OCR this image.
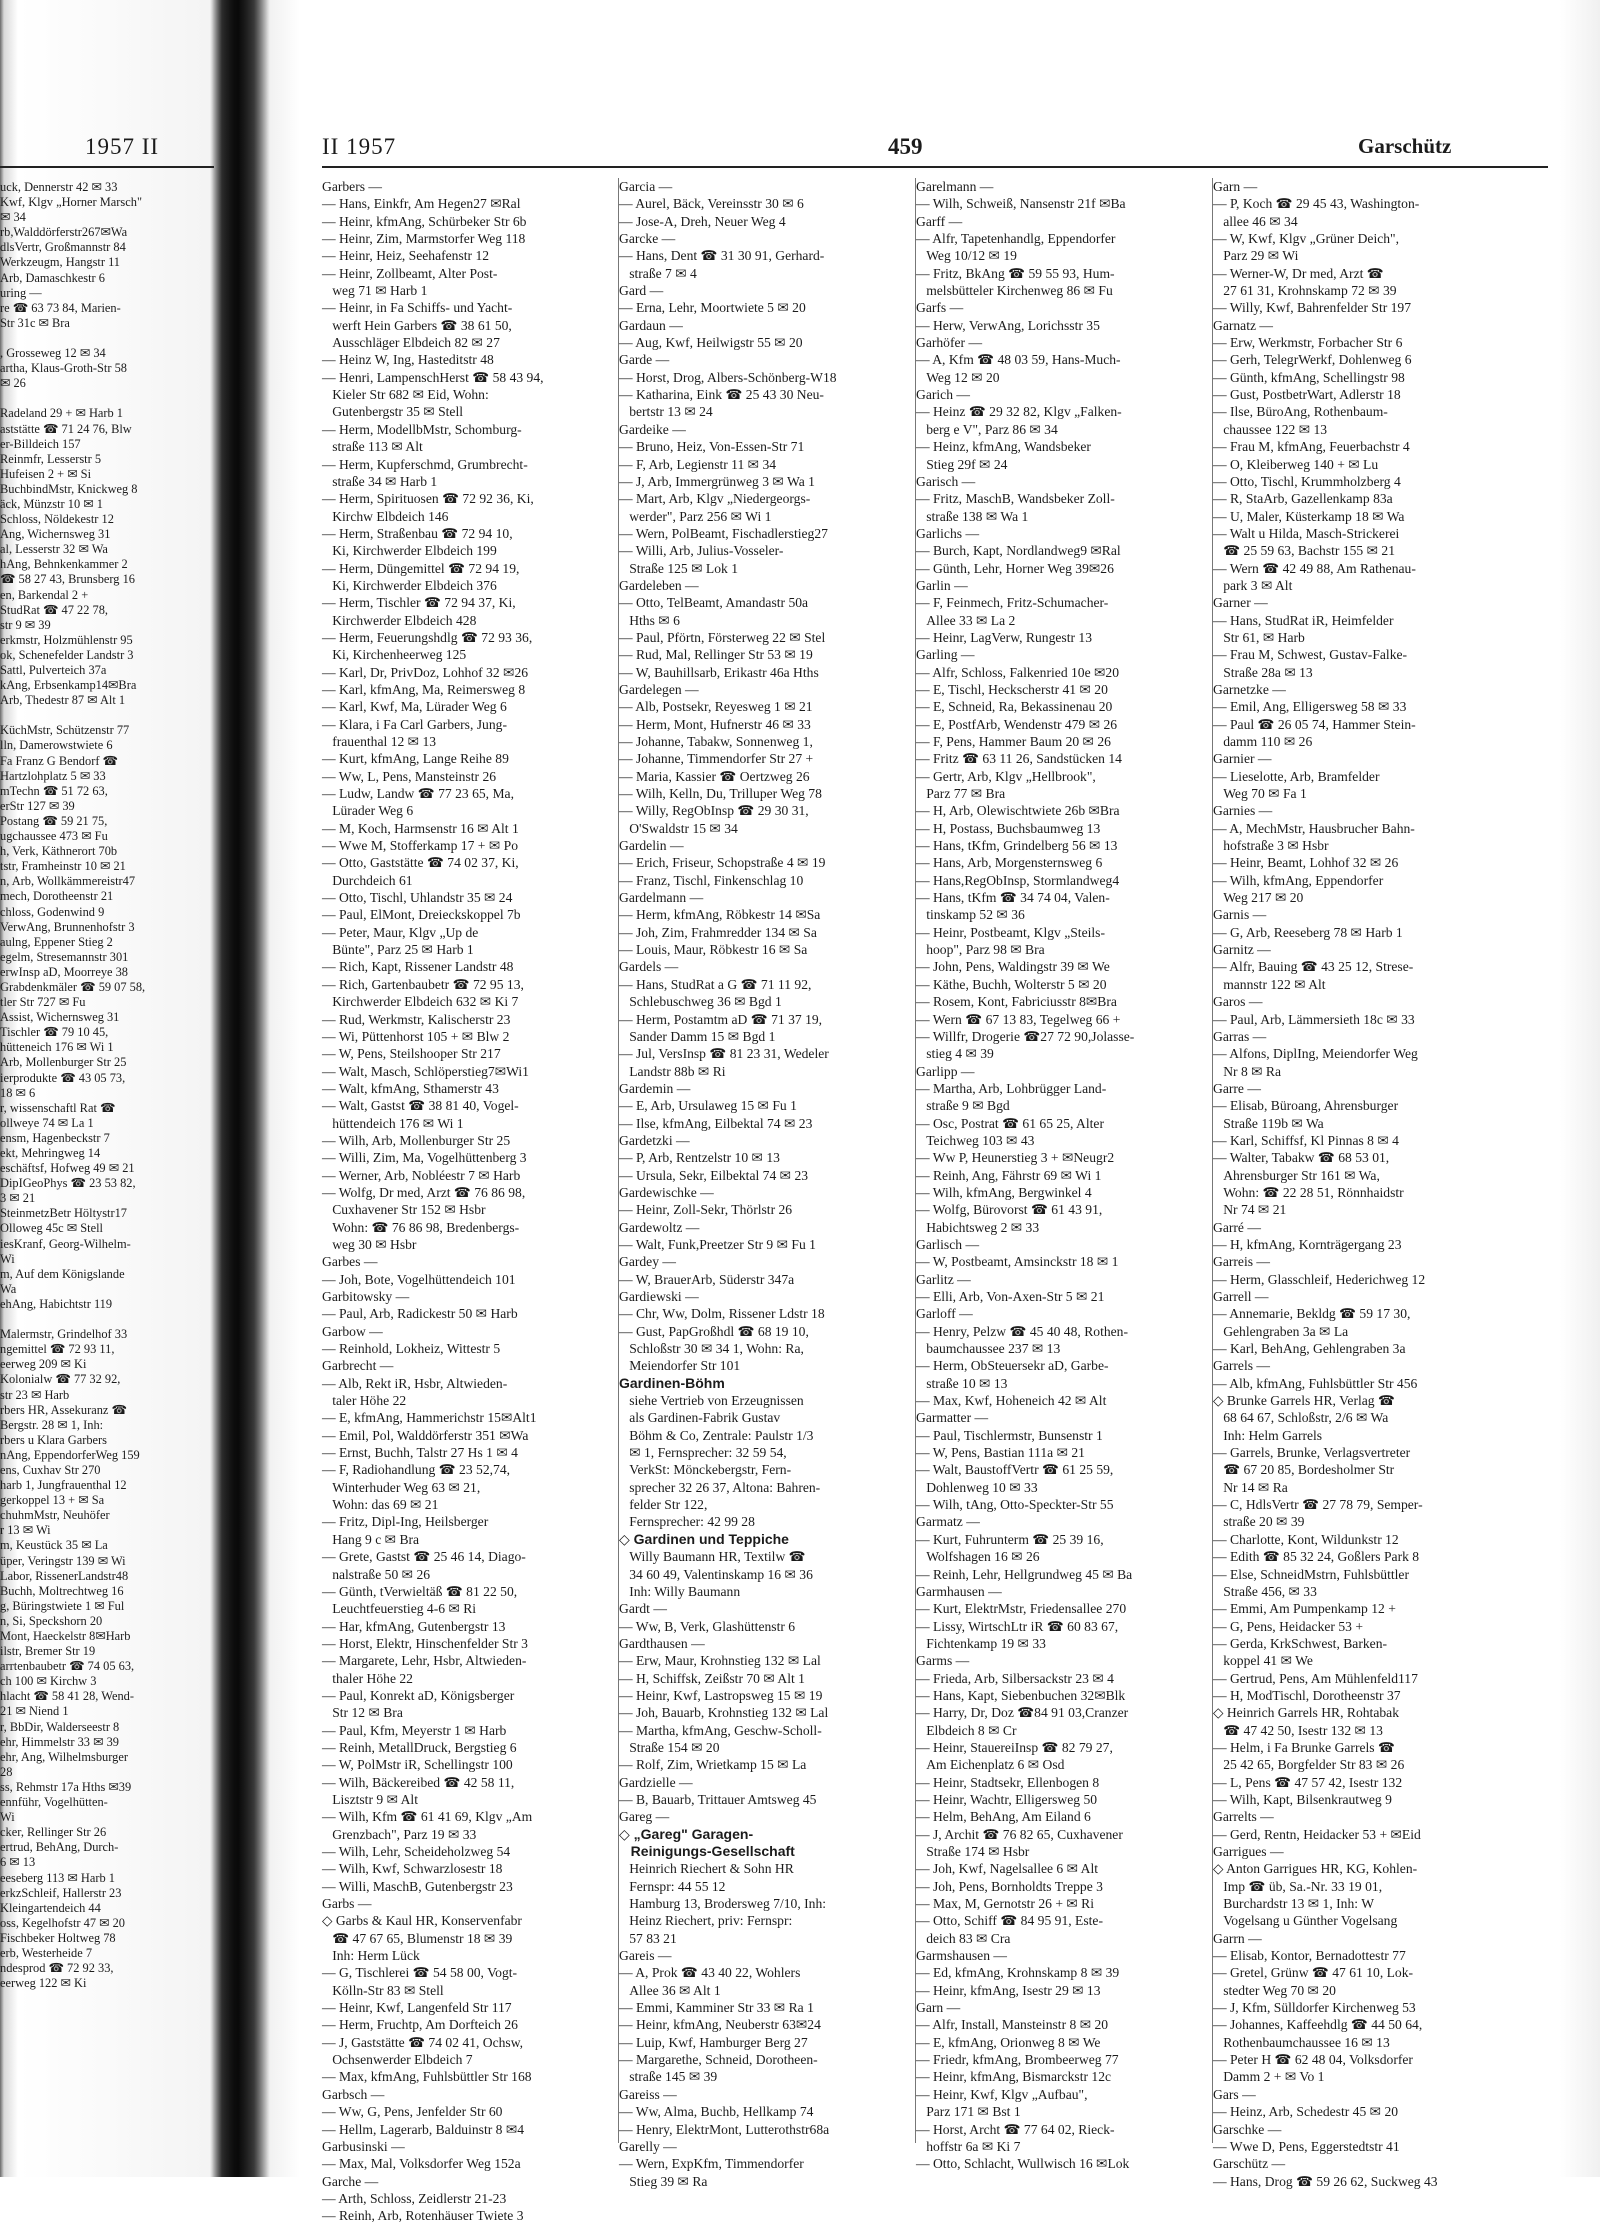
1957 II
uck, Dennerstr 42 ✉ 33
Kwf, Klgv „Horner Marsch"
✉ 34
rb,Walddörferstr267✉Wa
dlsVertr, Großmannstr 84
Werkzeugm, Hangstr 11
Arb, Damaschkestr 6
uring —
re ☎ 63 73 84, Marien-
Str 31c ✉ Bra

, Grosseweg 12 ✉ 34
artha, Klaus-Groth-Str 58
✉ 26

Radeland 29 + ✉ Harb 1
aststätte ☎ 71 24 76, Blw
er-Billdeich 157
Reinmfr, Lesserstr 5
Hufeisen 2 + ✉ Si
BuchbindMstr, Knickweg 8
äck, Münzstr 10 ✉ 1
Schloss, Nöldekestr 12
Ang, Wichernsweg 31
al, Lesserstr 32 ✉ Wa
hAng, Behnkenkammer 2
☎ 58 27 43, Brunsberg 16
en, Barkendal 2 +
StudRat ☎ 47 22 78,
str 9 ✉ 39
erkmstr, Holzmühlenstr 95
ok, Schenefelder Landstr 3
Sattl, Pulverteich 37a
kAng, Erbsenkamp14✉Bra
Arb, Thedestr 87 ✉ Alt 1

KüchMstr, Schützenstr 77
lln, Damerowstwiete 6
Fa Franz G Bendorf ☎
Hartzlohplatz 5 ✉ 33
mTechn ☎ 51 72 63,
erStr 127 ✉ 39
Postang ☎ 59 21 75,
ugchaussee 473 ✉ Fu
h, Verk, Käthnerort 70b
tstr, Framheinstr 10 ✉ 21
n, Arb, Wollkämmereistr47
mech, Dorotheenstr 21
chloss, Godenwind 9
VerwAng, Brunnenhofstr 3
aulng, Eppener Stieg 2
egelm, Stresemannstr 301
erwInsp aD, Moorreye 38
Grabdenkmäler ☎ 59 07 58,
tler Str 727 ✉ Fu
Assist, Wichernsweg 31
Tischler ☎ 79 10 45,
hütteneich 176 ✉ Wi 1
Arb, Mollenburger Str 25
ierprodukte ☎ 43 05 73,
18 ✉ 6
r, wissenschaftl Rat ☎
ollweye 74 ✉ La 1
ensm, Hagenbeckstr 7
ekt, Mehringweg 14
eschäftsf, Hofweg 49 ✉ 21
DipIGeoPhys ☎ 23 53 82,
3 ✉ 21
SteinmetzBetr Höltystr17
Olloweg 45c ✉ Stell
iesKranf, Georg-Wilhelm-
Wi
m, Auf dem Königslande
Wa
ehAng, Habichtstr 119

Malermstr, Grindelhof 33
ngemittel ☎ 72 93 11,
eerweg 209 ✉ Ki
Kolonialw ☎ 77 32 92,
str 23 ✉ Harb
rbers HR, Assekuranz ☎
Bergstr. 28 ✉ 1, Inh:
rbers u Klara Garbers
nAng, EppendorferWeg 159
ens, Cuxhav Str 270
harb 1, Jungfrauenthal 12
gerkoppel 13 + ✉ Sa
chuhmMstr, Neuhöfer
r 13 ✉ Wi
m, Keustück 35 ✉ La
üper, Veringstr 139 ✉ Wi
Labor, RissenerLandstr48
Buchh, Moltrechtweg 16
g, Büringstwiete 1 ✉ Ful
n, Si, Speckshorn 20
Mont, Haeckelstr 8✉Harb
ilstr, Bremer Str 19
arrtenbaubetr ☎ 74 05 63,
ch 100 ✉ Kirchw 3
hlacht ☎ 58 41 28, Wend-
21 ✉ Niend 1
r, BbDir, Walderseestr 8
ehr, Himmelstr 33 ✉ 39
ehr, Ang, Wilhelmsburger
28
ss, Rehmstr 17a Hths ✉39
ennführ, Vogelhütten-
Wi
cker, Rellinger Str 26
ertrud, BehAng, Durch-
6 ✉ 13
eeseberg 113 ✉ Harb 1
erkzSchleif, Hallerstr 23
Kleingartendeich 44
oss, Kegelhofstr 47 ✉ 20
Fischbeker Holtweg 78
erb, Westerheide 7
ndesprod ☎ 72 92 33,
eerweg 122 ✉ Ki
II 1957	459	Garschütz
Garbers —
— Hans, Einkfr, Am Hegen27 ✉Ral
— Heinr, kfmAng, Schürbeker Str 6b
— Heinr, Zim, Marmstorfer Weg 118
— Heinr, Heiz, Seehafenstr 12
— Heinr, Zollbeamt, Alter Post-
weg 71 ✉ Harb 1
— Heinr, in Fa Schiffs- und Yacht-
werft Hein Garbers ☎ 38 61 50,
Ausschläger Elbdeich 82 ✉ 27
— Heinz W, Ing, Hasteditstr 48
— Henri, LampenschHerst ☎ 58 43 94,
Kieler Str 682 ✉ Eid, Wohn:
Gutenbergstr 35 ✉ Stell
— Herm, ModellbMstr, Schomburg-
straße 113 ✉ Alt
— Herm, Kupferschmd, Grumbrecht-
straße 34 ✉ Harb 1
— Herm, Spirituosen ☎ 72 92 36, Ki,
Kirchw Elbdeich 146
— Herm, Straßenbau ☎ 72 94 10,
Ki, Kirchwerder Elbdeich 199
— Herm, Düngemittel ☎ 72 94 19,
Ki, Kirchwerder Elbdeich 376
— Herm, Tischler ☎ 72 94 37, Ki,
Kirchwerder Elbdeich 428
— Herm, Feuerungshdlg ☎ 72 93 36,
Ki, Kirchenheerweg 125
— Karl, Dr, PrivDoz, Lohhof 32 ✉26
— Karl, kfmAng, Ma, Reimersweg 8
— Karl, Kwf, Ma, Lürader Weg 6
— Klara, i Fa Carl Garbers, Jung-
frauenthal 12 ✉ 13
— Kurt, kfmAng, Lange Reihe 89
— Ww, L, Pens, Mansteinstr 26
— Ludw, Landw ☎ 77 23 65, Ma,
Lürader Weg 6
— M, Koch, Harmsenstr 16 ✉ Alt 1
— Wwe M, Stofferkamp 17 + ✉ Po
— Otto, Gaststätte ☎ 74 02 37, Ki,
Durchdeich 61
— Otto, Tischl, Uhlandstr 35 ✉ 24
— Paul, ElMont, Dreieckskoppel 7b
— Peter, Maur, Klgv „Up de
Bünte", Parz 25 ✉ Harb 1
— Rich, Kapt, Rissener Landstr 48
— Rich, Gartenbaubetr ☎ 72 95 13,
Kirchwerder Elbdeich 632 ✉ Ki 7
— Rud, Werkmstr, Kalischerstr 23
— Wi, Püttenhorst 105 + ✉ Blw 2
— W, Pens, Steilshooper Str 217
— Walt, Masch, Schlöperstieg7✉Wi1
— Walt, kfmAng, Sthamerstr 43
— Walt, Gastst ☎ 38 81 40, Vogel-
hüttendeich 176 ✉ Wi 1
— Wilh, Arb, Mollenburger Str 25
— Willi, Zim, Ma, Vogelhüttenberg 3
— Werner, Arb, Nobléestr 7 ✉ Harb
— Wolfg, Dr med, Arzt ☎ 76 86 98,
Cuxhavener Str 152 ✉ Hsbr
Wohn: ☎ 76 86 98, Bredenbergs-
weg 30 ✉ Hsbr
Garbes —
— Joh, Bote, Vogelhüttendeich 101
Garbitowsky —
— Paul, Arb, Radickestr 50 ✉ Harb
Garbow —
— Reinhold, Lokheiz, Wittestr 5
Garbrecht —
— Alb, Rekt iR, Hsbr, Altwieden-
taler Höhe 22
— E, kfmAng, Hammerichstr 15✉Alt1
— Emil, Pol, Walddörferstr 351 ✉Wa
— Ernst, Buchh, Talstr 27 Hs 1 ✉ 4
— F, Radiohandlung ☎ 23 52,74,
Winterhuder Weg 63 ✉ 21,
Wohn: das 69 ✉ 21
— Fritz, Dipl-Ing, Heilsberger
Hang 9 c ✉ Bra
— Grete, Gastst ☎ 25 46 14, Diago-
nalstraße 50 ✉ 26
— Günth, tVerwieltäß ☎ 81 22 50,
Leuchtfeuerstieg 4-6 ✉ Ri
— Har, kfmAng, Gutenbergstr 13
— Horst, Elektr, Hinschenfelder Str 3
— Margarete, Lehr, Hsbr, Altwieden-
thaler Höhe 22
— Paul, Konrekt aD, Königsberger
Str 12 ✉ Bra
— Paul, Kfm, Meyerstr 1 ✉ Harb
— Reinh, MetallDruck, Bergstieg 6
— W, PolMstr iR, Schellingstr 100
— Wilh, Bäckereibed ☎ 42 58 11,
Lisztstr 9 ✉ Alt
— Wilh, Kfm ☎ 61 41 69, Klgv „Am
Grenzbach", Parz 19 ✉ 33
— Wilh, Lehr, Scheideholzweg 54
— Wilh, Kwf, Schwarzlosestr 18
— Willi, MaschB, Gutenbergstr 23
Garbs —
◇ Garbs & Kaul HR, Konservenfabr
☎ 47 67 65, Blumenstr 18 ✉ 39
Inh: Herm Lück
— G, Tischlerei ☎ 54 58 00, Vogt-
Kölln-Str 83 ✉ Stell
— Heinr, Kwf, Langenfeld Str 117
— Herm, Fruchtp, Am Dorfteich 26
— J, Gaststätte ☎ 74 02 41, Ochsw,
Ochsenwerder Elbdeich 7
— Max, kfmAng, Fuhlsbüttler Str 168
Garbsch —
— Ww, G, Pens, Jenfelder Str 60
— Hellm, Lagerarb, Balduinstr 8 ✉4
Garbusinski —
— Max, Mal, Volksdorfer Weg 152a
Garche —
— Arth, Schloss, Zeidlerstr 21-23
— Reinh, Arb, Rotenhäuser Twiete 3
Garcia —
— Aurel, Bäck, Vereinsstr 30 ✉ 6
— Jose-A, Dreh, Neuer Weg 4
Garcke —
— Hans, Dent ☎ 31 30 91, Gerhard-
straße 7 ✉ 4
Gard —
— Erna, Lehr, Moortwiete 5 ✉ 20
Gardaun —
— Aug, Kwf, Heilwigstr 55 ✉ 20
Garde —
— Horst, Drog, Albers-Schönberg-W18
— Katharina, Eink ☎ 25 43 30 Neu-
bertstr 13 ✉ 24
Gardeike —
— Bruno, Heiz, Von-Essen-Str 71
— F, Arb, Legienstr 11 ✉ 34
— J, Arb, Immergrünweg 3 ✉ Wa 1
— Mart, Arb, Klgv „Niedergeorgs-
werder", Parz 256 ✉ Wi 1
— Wern, PolBeamt, Fischadlerstieg27
— Willi, Arb, Julius-Vosseler-
Straße 125 ✉ Lok 1
Gardeleben —
— Otto, TelBeamt, Amandastr 50a
Hths ✉ 6
— Paul, Pförtn, Försterweg 22 ✉ Stel
— Rud, Mal, Rellinger Str 53 ✉ 19
— W, Bauhillsarb, Erikastr 46a Hths
Gardelegen —
— Alb, Postsekr, Reyesweg 1 ✉ 21
— Herm, Mont, Hufnerstr 46 ✉ 33
— Johanne, Tabakw, Sonnenweg 1,
— Johanne, Timmendorfer Str 27 +
— Maria, Kassier ☎ Oertzweg 26
— Wilh, Kelln, Du, Trilluper Weg 78
— Willy, RegObInsp ☎ 29 30 31,
O'Swaldstr 15 ✉ 34
Gardelin —
— Erich, Friseur, Schopstraße 4 ✉ 19
— Franz, Tischl, Finkenschlag 10
Gardelmann —
— Herm, kfmAng, Röbkestr 14 ✉Sa
— Joh, Zim, Frahmredder 134 ✉ Sa
— Louis, Maur, Röbkestr 16 ✉ Sa
Gardels —
— Hans, StudRat a G ☎ 71 11 92,
Schlebuschweg 36 ✉ Bgd 1
— Herm, Postamtm aD ☎ 71 37 19,
Sander Damm 15 ✉ Bgd 1
— Jul, VersInsp ☎ 81 23 31, Wedeler
Landstr 88b ✉ Ri
Gardemin —
— E, Arb, Ursulaweg 15 ✉ Fu 1
— Ilse, kfmAng, Eilbektal 74 ✉ 23
Gardetzki —
— P, Arb, Rentzelstr 10 ✉ 13
— Ursula, Sekr, Eilbektal 74 ✉ 23
Gardewischke —
— Heinr, Zoll-Sekr, Thörlstr 26
Gardewoltz —
— Walt, Funk,Preetzer Str 9 ✉ Fu 1
Gardey —
— W, BrauerArb, Süderstr 347a
Gardiewski —
— Chr, Ww, Dolm, Rissener Ldstr 18
— Gust, PapGroßhdl ☎ 68 19 10,
Schloßstr 30 ✉ 34 1, Wohn: Ra,
Meiendorfer Str 101
Gardinen-Böhm
siehe Vertrieb von Erzeugnissen
als Gardinen-Fabrik Gustav
Böhm & Co, Zentrale: Paulstr 1/3
✉ 1, Fernsprecher: 32 59 54,
VerkSt: Mönckebergstr, Fern-
sprecher 32 26 37, Altona: Bahren-
felder Str 122,
Fernsprecher: 42 99 28
◇ Gardinen und Teppiche
Willy Baumann HR, Textilw ☎
34 60 49, Valentinskamp 16 ✉ 36
Inh: Willy Baumann
Gardt —
— Ww, B, Verk, Glashüttenstr 6
Gardthausen —
— Erw, Maur, Krohnstieg 132 ✉ Lal
— H, Schiffsk, Zeißstr 70 ✉ Alt 1
— Heinr, Kwf, Lastropsweg 15 ✉ 19
— Joh, Bauarb, Krohnstieg 132 ✉ Lal
— Martha, kfmAng, Geschw-Scholl-
Straße 154 ✉ 20
— Rolf, Zim, Wrietkamp 15 ✉ La
Gardzielle —
— B, Bauarb, Trittauer Amtsweg 45
Gareg —
◇ „Gareg" Garagen-
Reinigungs-Gesellschaft
Heinrich Riechert & Sohn HR
Fernspr: 44 55 12
Hamburg 13, Brodersweg 7/10, Inh:
Heinz Riechert, priv: Fernspr:
57 83 21
Gareis —
— A, Prok ☎ 43 40 22, Wohlers
Allee 36 ✉ Alt 1
— Emmi, Kamminer Str 33 ✉ Ra 1
— Heinr, kfmAng, Neuberstr 63✉24
— Luip, Kwf, Hamburger Berg 27
— Margarethe, Schneid, Dorotheen-
straße 145 ✉ 39
Gareiss —
— Ww, Alma, Buchb, Hellkamp 74
— Henry, ElektrMont, Lutterothstr68a
Garelly —
— Wern, ExpKfm, Timmendorfer
Stieg 39 ✉ Ra
Garelmann —
— Wilh, Schweiß, Nansenstr 21f ✉Ba
Garff —
— Alfr, Tapetenhandlg, Eppendorfer
Weg 10/12 ✉ 19
— Fritz, BkAng ☎ 59 55 93, Hum-
melsbütteler Kirchenweg 86 ✉ Fu
Garfs —
— Herw, VerwAng, Lorichsstr 35
Garhöfer —
— A, Kfm ☎ 48 03 59, Hans-Much-
Weg 12 ✉ 20
Garich —
— Heinz ☎ 29 32 82, Klgv „Falken-
berg e V", Parz 86 ✉ 34
— Heinz, kfmAng, Wandsbeker
Stieg 29f ✉ 24
Garisch —
— Fritz, MaschB, Wandsbeker Zoll-
straße 138 ✉ Wa 1
Garlichs —
— Burch, Kapt, Nordlandweg9 ✉Ral
— Günth, Lehr, Horner Weg 39✉26
Garlin —
— F, Feinmech, Fritz-Schumacher-
Allee 33 ✉ La 2
— Heinr, LagVerw, Rungestr 13
Garling —
— Alfr, Schloss, Falkenried 10e ✉20
— E, Tischl, Heckscherstr 41 ✉ 20
— E, Schneid, Ra, Bekassinenau 20
— E, PostfArb, Wendenstr 479 ✉ 26
— F, Pens, Hammer Baum 20 ✉ 26
— Fritz ☎ 63 11 26, Sandstücken 14
— Gertr, Arb, Klgv „Hellbrook",
Parz 77 ✉ Bra
— H, Arb, Olewischtwiete 26b ✉Bra
— H, Postass, Buchsbaumweg 13
— Hans, tKfm, Grindelberg 56 ✉ 13
— Hans, Arb, Morgensternsweg 6
— Hans,RegObInsp, Stormlandweg4
— Hans, tKfm ☎ 34 74 04, Valen-
tinskamp 52 ✉ 36
— Heinr, Postbeamt, Klgv „Steils-
hoop", Parz 98 ✉ Bra
— John, Pens, Waldingstr 39 ✉ We
— Käthe, Buchh, Wolterstr 5 ✉ 20
— Rosem, Kont, Fabriciusstr 8✉Bra
— Wern ☎ 67 13 83, Tegelweg 66 +
— Willfr, Drogerie ☎27 72 90,Jolasse-
stieg 4 ✉ 39
Garlipp —
— Martha, Arb, Lohbrügger Land-
straße 9 ✉ Bgd
— Osc, Postrat ☎ 61 65 25, Alter
Teichweg 103 ✉ 43
— Ww P, Heunerstieg 3 + ✉Neugr2
— Reinh, Ang, Fährstr 69 ✉ Wi 1
— Wilh, kfmAng, Bergwinkel 4
— Wolfg, Bürovorst ☎ 61 43 91,
Habichtsweg 2 ✉ 33
Garlisch —
— W, Postbeamt, Amsinckstr 18 ✉ 1
Garlitz —
— Elli, Arb, Von-Axen-Str 5 ✉ 21
Garloff —
— Henry, Pelzw ☎ 45 40 48, Rothen-
baumchaussee 237 ✉ 13
— Herm, ObSteuersekr aD, Garbe-
straße 10 ✉ 13
— Max, Kwf, Hoheneich 42 ✉ Alt
Garmatter —
— Paul, Tischlermstr, Bunsenstr 1
— W, Pens, Bastian 111a ✉ 21
— Walt, BaustoffVertr ☎ 61 25 59,
Dohlenweg 10 ✉ 33
— Wilh, tAng, Otto-Speckter-Str 55
Garmatz —
— Kurt, Fuhrunterm ☎ 25 39 16,
Wolfshagen 16 ✉ 26
— Reinh, Lehr, Hellgrundweg 45 ✉ Ba
Garmhausen —
— Kurt, ElektrMstr, Friedensallee 270
— Lissy, WirtschLtr iR ☎ 60 83 67,
Fichtenkamp 19 ✉ 33
Garms —
— Frieda, Arb, Silbersackstr 23 ✉ 4
— Hans, Kapt, Siebenbuchen 32✉Blk
— Harry, Dr, Doz ☎84 91 03,Cranzer
Elbdeich 8 ✉ Cr
— Heinr, StauereiInsp ☎ 82 79 27,
Am Eichenplatz 6 ✉ Osd
— Heinr, Stadtsekr, Ellenbogen 8
— Heinr, Wachtr, Elligersweg 50
— Helm, BehAng, Am Eiland 6
— J, Archit ☎ 76 82 65, Cuxhavener
Straße 174 ✉ Hsbr
— Joh, Kwf, Nagelsallee 6 ✉ Alt
— Joh, Pens, Bornholdts Treppe 3
— Max, M, Gernotstr 26 + ✉ Ri
— Otto, Schiff ☎ 84 95 91, Este-
deich 83 ✉ Cra
Garmshausen —
— Ed, kfmAng, Krohnskamp 8 ✉ 39
— Heinr, kfmAng, Isestr 29 ✉ 13
Garn —
— Alfr, Install, Mansteinstr 8 ✉ 20
— E, kfmAng, Orionweg 8 ✉ We
— Friedr, kfmAng, Brombeerweg 77
— Heinr, kfmAng, Bismarckstr 12c
— Heinr, Kwf, Klgv „Aufbau",
Parz 171 ✉ Bst 1
— Horst, Archt ☎ 77 64 02, Rieck-
hoffstr 6a ✉ Ki 7
— Otto, Schlacht, Wullwisch 16 ✉Lok
Garn —
— P, Koch ☎ 29 45 43, Washington-
allee 46 ✉ 34
— W, Kwf, Klgv „Grüner Deich",
Parz 29 ✉ Wi
— Werner-W, Dr med, Arzt ☎
27 61 31, Krohnskamp 72 ✉ 39
— Willy, Kwf, Bahrenfelder Str 197
Garnatz —
— Erw, Werkmstr, Forbacher Str 6
— Gerh, TelegrWerkf, Dohlenweg 6
— Günth, kfmAng, Schellingstr 98
— Gust, PostbetrWart, Adlerstr 18
— Ilse, BüroAng, Rothenbaum-
chaussee 122 ✉ 13
— Frau M, kfmAng, Feuerbachstr 4
— O, Kleiberweg 140 + ✉ Lu
— Otto, Tischl, Krummholzberg 4
— R, StaArb, Gazellenkamp 83a
— U, Maler, Küsterkamp 18 ✉ Wa
— Walt u Hilda, Masch-Strickerei
☎ 25 59 63, Bachstr 155 ✉ 21
— Wern ☎ 42 49 88, Am Rathenau-
park 3 ✉ Alt
Garner —
— Hans, StudRat iR, Heimfelder
Str 61, ✉ Harb
— Frau M, Schwest, Gustav-Falke-
Straße 28a ✉ 13
Garnetzke —
— Emil, Ang, Elligersweg 58 ✉ 33
— Paul ☎ 26 05 74, Hammer Stein-
damm 110 ✉ 26
Garnier —
— Lieselotte, Arb, Bramfelder
Weg 70 ✉ Fa 1
Garnies —
— A, MechMstr, Hausbrucher Bahn-
hofstraße 3 ✉ Hsbr
— Heinr, Beamt, Lohhof 32 ✉ 26
— Wilh, kfmAng, Eppendorfer
Weg 217 ✉ 20
Garnis —
— G, Arb, Reeseberg 78 ✉ Harb 1
Garnitz —
— Alfr, Bauing ☎ 43 25 12, Strese-
mannstr 122 ✉ Alt
Garos —
— Paul, Arb, Lämmersieth 18c ✉ 33
Garras —
— Alfons, DiplIng, Meiendorfer Weg
Nr 8 ✉ Ra
Garre —
— Elisab, Büroang, Ahrensburger
Straße 119b ✉ Wa
— Karl, Schiffsf, Kl Pinnas 8 ✉ 4
— Walter, Tabakw ☎ 68 53 01,
Ahrensburger Str 161 ✉ Wa,
Wohn: ☎ 22 28 51, Rönnhaidstr
Nr 74 ✉ 21
Garré —
— H, kfmAng, Kornträgergang 23
Garreis —
— Herm, Glasschleif, Hederichweg 12
Garrell —
— Annemarie, Bekldg ☎ 59 17 30,
Gehlengraben 3a ✉ La
— Karl, BehAng, Gehlengraben 3a
Garrels —
— Alb, kfmAng, Fuhlsbüttler Str 456
◇ Brunke Garrels HR, Verlag ☎
68 64 67, Schloßstr, 2/6 ✉ Wa
Inh: Helm Garrels
— Garrels, Brunke, Verlagsvertreter
☎ 67 20 85, Bordesholmer Str
Nr 14 ✉ Ra
— C, HdlsVertr ☎ 27 78 79, Semper-
straße 20 ✉ 39
— Charlotte, Kont, Wildunkstr 12
— Edith ☎ 85 32 24, Goßlers Park 8
— Else, SchneidMstrn, Fuhlsbüttler
Straße 456, ✉ 33
— Emmi, Am Pumpenkamp 12 +
— G, Pens, Heidacker 53 +
— Gerda, KrkSchwest, Barken-
koppel 41 ✉ We
— Gertrud, Pens, Am Mühlenfeld117
— H, ModTischl, Dorotheenstr 37
◇ Heinrich Garrels HR, Rohtabak
☎ 47 42 50, Isestr 132 ✉ 13
— Helm, i Fa Brunke Garrels ☎
25 42 65, Borgfelder Str 83 ✉ 26
— L, Pens ☎ 47 57 42, Isestr 132
— Wilh, Kapt, Bilsenkrautweg 9
Garrelts —
— Gerd, Rentn, Heidacker 53 + ✉Eid
Garrigues —
◇ Anton Garrigues HR, KG, Kohlen-
Imp ☎ üb, Sa.-Nr. 33 19 01,
Burchardstr 13 ✉ 1, Inh: W
Vogelsang u Günther Vogelsang
Garrn —
— Elisab, Kontor, Bernadottestr 77
— Gretel, Grünw ☎ 47 61 10, Lok-
stedter Weg 70 ✉ 20
— J, Kfm, Sülldorfer Kirchenweg 53
— Johannes, Kaffeehdlg ☎ 44 50 64,
Rothenbaumchaussee 16 ✉ 13
— Peter H ☎ 62 48 04, Volksdorfer
Damm 2 + ✉ Vo 1
Gars —
— Heinz, Arb, Schedestr 45 ✉ 20
Garschke —
— Wwe D, Pens, Eggerstedtstr 41
Garschütz —
— Hans, Drog ☎ 59 26 62, Suckweg 43
